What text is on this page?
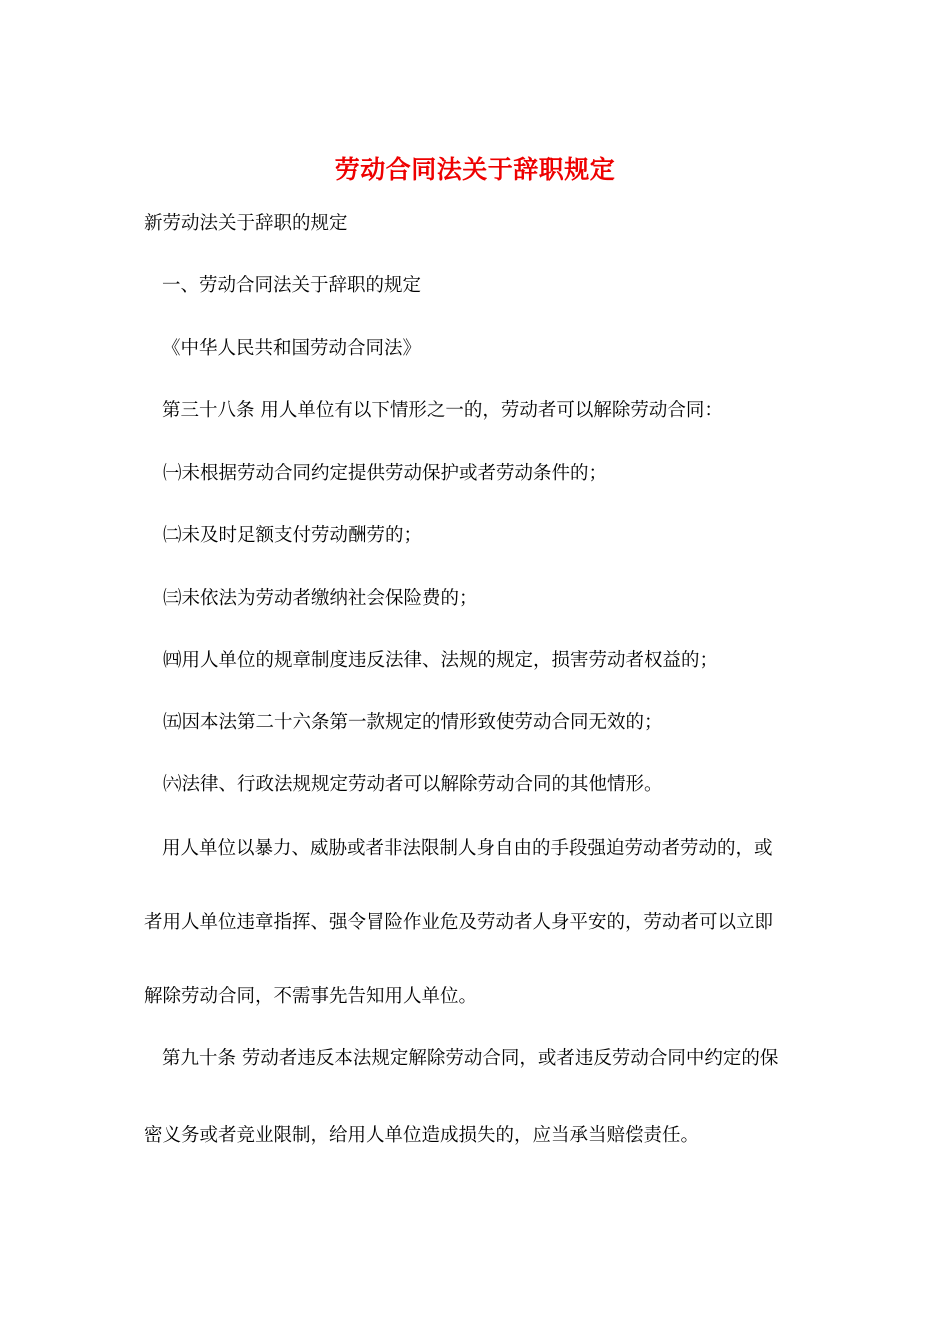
劳动合同法关于辞职规定
新劳动法关于辞职的规定
一、劳动合同法关于辞职的规定
《中华人民共和国劳动合同法》
第三十八条 用人单位有以下情形之一的，劳动者可以解除劳动合同：
㈠未根据劳动合同约定提供劳动保护或者劳动条件的；
㈡未及时足额支付劳动酬劳的；
㈢未依法为劳动者缴纳社会保险费的；
㈣用人单位的规章制度违反法律、法规的规定，损害劳动者权益的；
㈤因本法第二十六条第一款规定的情形致使劳动合同无效的；
㈥法律、行政法规规定劳动者可以解除劳动合同的其他情形。
用人单位以暴力、威胁或者非法限制人身自由的手段强迫劳动者劳动的，或
者用人单位违章指挥、强令冒险作业危及劳动者人身平安的，劳动者可以立即
解除劳动合同，不需事先告知用人单位。
第九十条 劳动者违反本法规定解除劳动合同，或者违反劳动合同中约定的保
密义务或者竞业限制，给用人单位造成损失的，应当承当赔偿责任。
